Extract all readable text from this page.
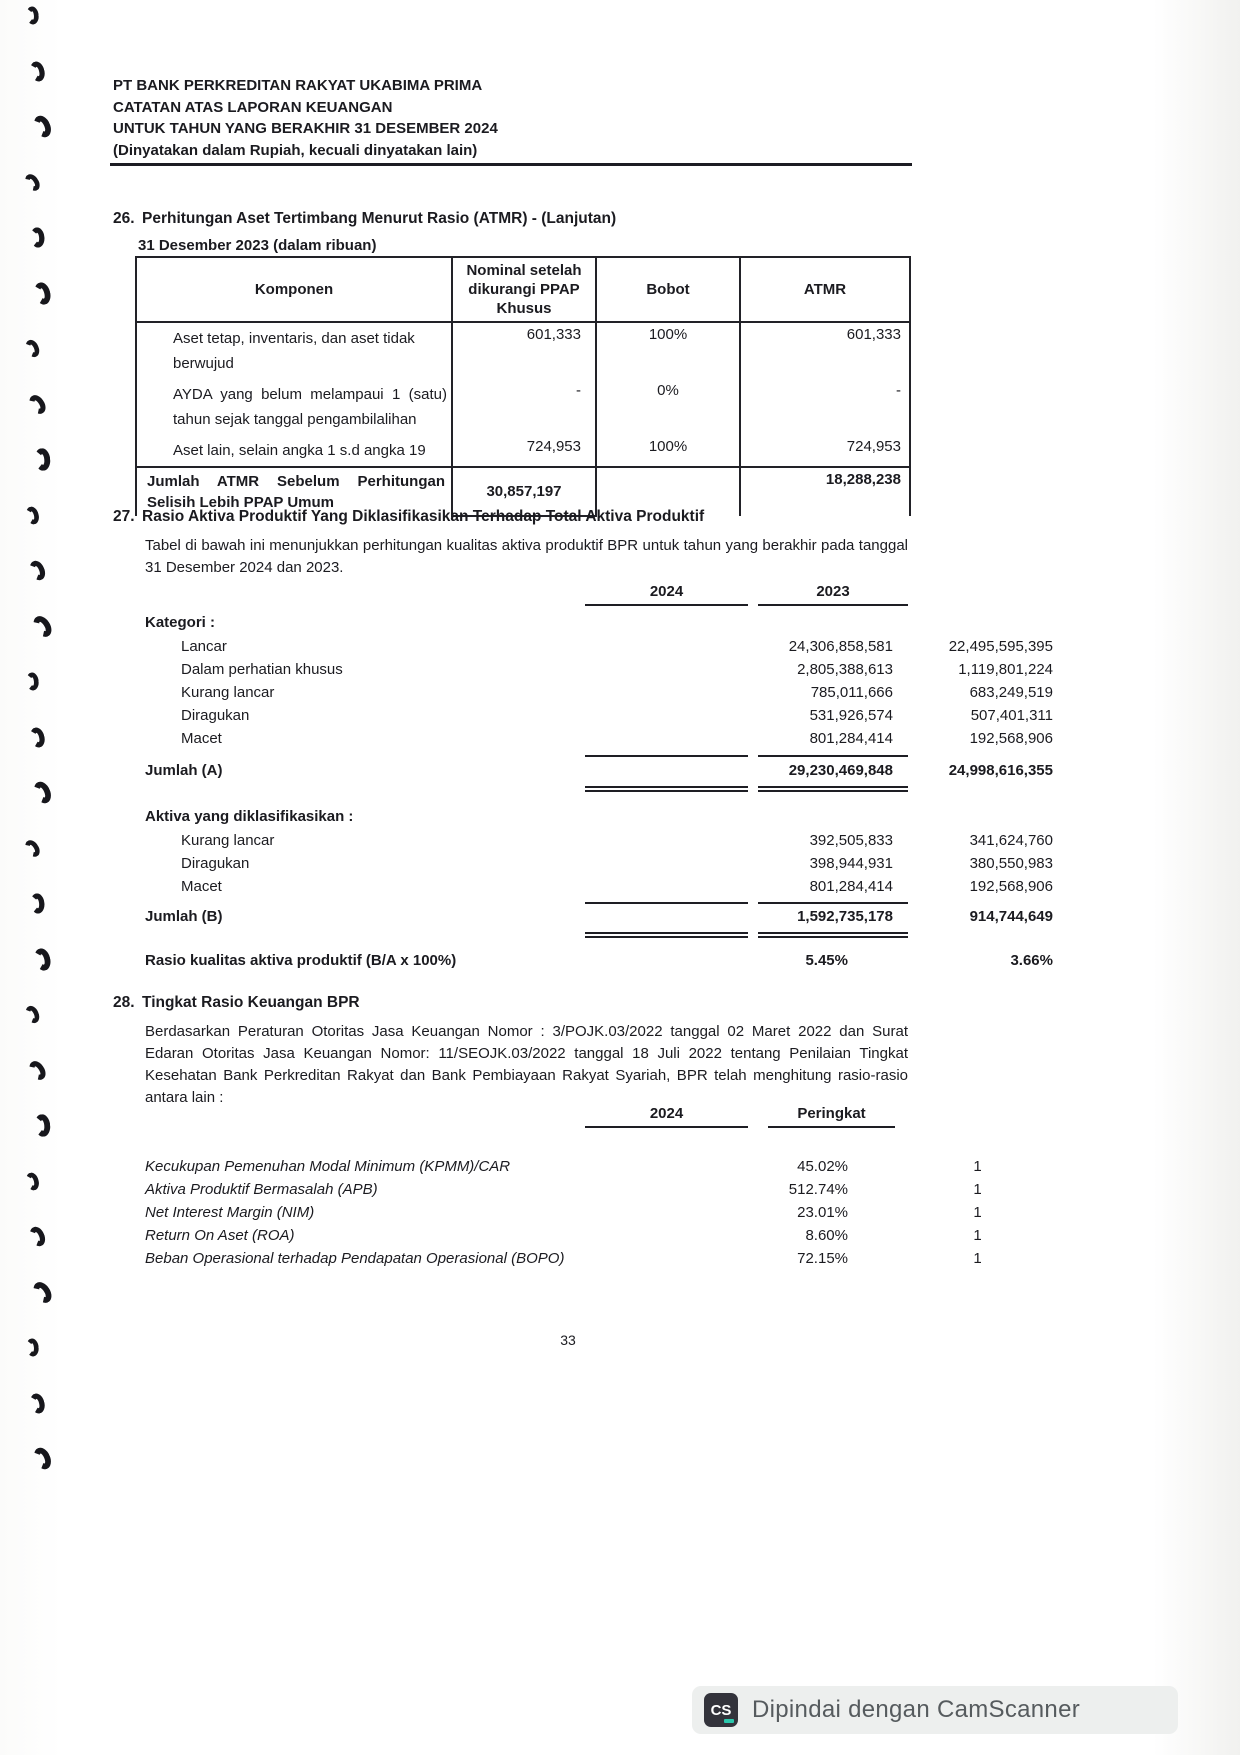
PT BANK PERKREDITAN RAKYAT UKABIMA PRIMA
CATATAN ATAS LAPORAN KEUANGAN
UNTUK TAHUN YANG BERAKHIR 31 DESEMBER 2024
(Dinyatakan dalam Rupiah, kecuali dinyatakan lain)
26. Perhitungan Aset Tertimbang Menurut Rasio (ATMR) - (Lanjutan)
31 Desember 2023 (dalam ribuan)
Komponen	Nominal setelah dikurangi PPAP Khusus	Bobot	ATMR
Aset tetap, inventaris, dan aset tidak berwujud	601,333	100%	601,333
AYDA yang belum melampaui 1 (satu) tahun sejak tanggal pengambilalihan	-	0%	-
Aset lain, selain angka 1 s.d angka 19	724,953	100%	724,953
Jumlah ATMR Sebelum Perhitungan Selisih Lebih PPAP Umum	30,857,197		18,288,238
27. Rasio Aktiva Produktif Yang Diklasifikasikan Terhadap Total Aktiva Produktif
Tabel di bawah ini menunjukkan perhitungan kualitas aktiva produktif BPR untuk tahun yang berakhir pada tanggal 31 Desember 2024 dan 2023.
2024	2023
Kategori :
Lancar	24,306,858,581	22,495,595,395
Dalam perhatian khusus	2,805,388,613	1,119,801,224
Kurang lancar	785,011,666	683,249,519
Diragukan	531,926,574	507,401,311
Macet	801,284,414	192,568,906
Jumlah (A)	29,230,469,848	24,998,616,355
Aktiva yang diklasifikasikan :
Kurang lancar	392,505,833	341,624,760
Diragukan	398,944,931	380,550,983
Macet	801,284,414	192,568,906
Jumlah (B)	1,592,735,178	914,744,649
Rasio kualitas aktiva produktif (B/A x 100%)	5.45%	3.66%
28. Tingkat Rasio Keuangan BPR
Berdasarkan Peraturan Otoritas Jasa Keuangan Nomor : 3/POJK.03/2022 tanggal 02 Maret 2022 dan Surat Edaran Otoritas Jasa Keuangan Nomor: 11/SEOJK.03/2022 tanggal 18 Juli 2022 tentang Penilaian Tingkat Kesehatan Bank Perkreditan Rakyat dan Bank Pembiayaan Rakyat Syariah, BPR telah menghitung rasio-rasio antara lain :
2024	Peringkat
Kecukupan Pemenuhan Modal Minimum (KPMM)/CAR	45.02%	1
Aktiva Produktif Bermasalah (APB)	512.74%	1
Net Interest Margin (NIM)	23.01%	1
Return On Aset (ROA)	8.60%	1
Beban Operasional terhadap Pendapatan Operasional (BOPO)	72.15%	1
33
CS Dipindai dengan CamScanner
